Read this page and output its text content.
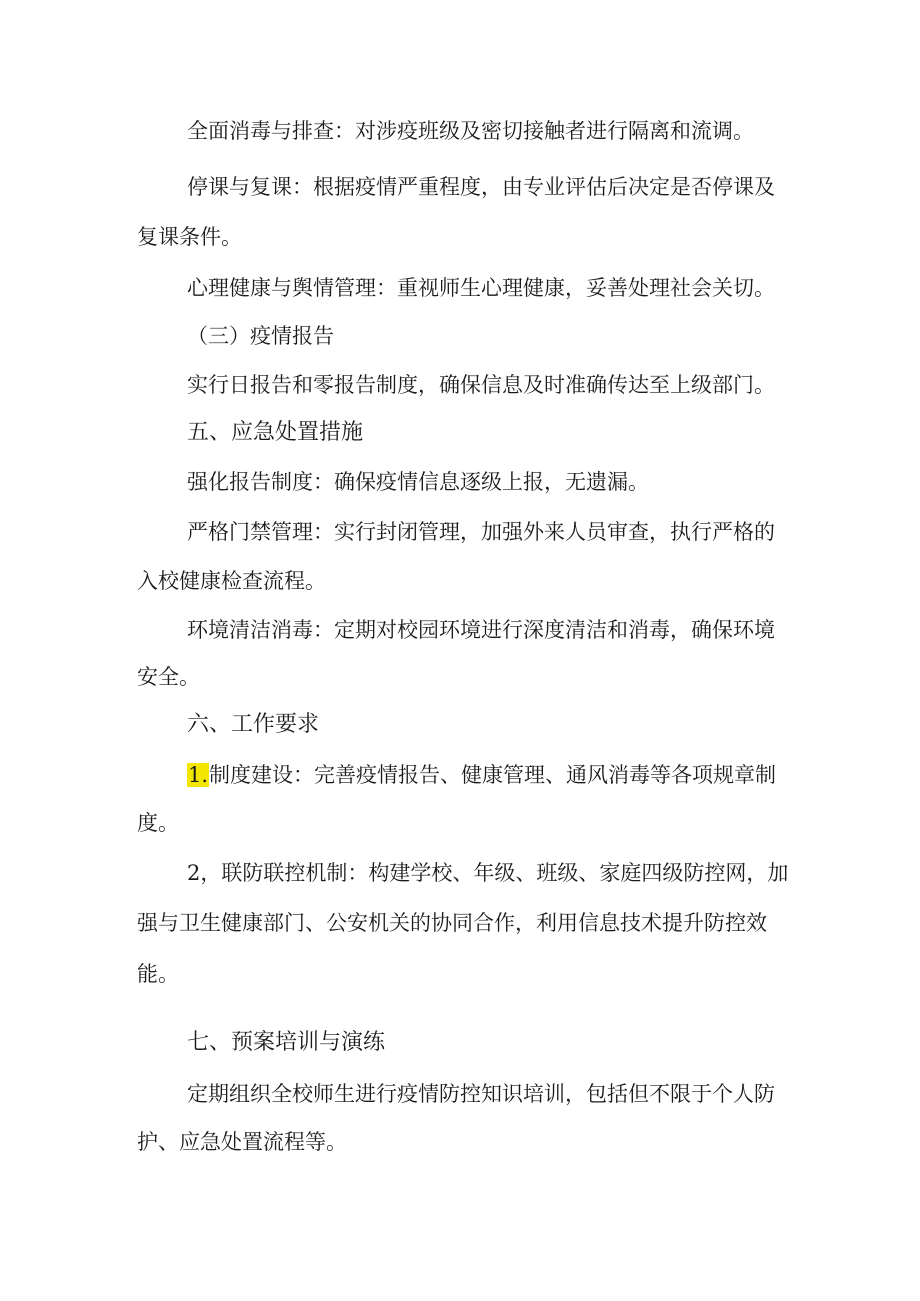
全面消毒与排查：对涉疫班级及密切接触者进行隔离和流调。

停课与复课：根据疫情严重程度，由专业评估后决定是否停课及

复课条件。

心理健康与舆情管理：重视师生心理健康，妥善处理社会关切。

（三）疫情报告

实行日报告和零报告制度，确保信息及时准确传达至上级部门。

五、应急处置措施

强化报告制度：确保疫情信息逐级上报，无遗漏。

严格门禁管理：实行封闭管理，加强外来人员审查，执行严格的

入校健康检查流程。

环境清洁消毒：定期对校园环境进行深度清洁和消毒，确保环境

安全。

六、工作要求

1.制度建设：完善疫情报告、健康管理、通风消毒等各项规章制

度。

2，联防联控机制：构建学校、年级、班级、家庭四级防控网，加

强与卫生健康部门、公安机关的协同合作，利用信息技术提升防控效

能。

七、预案培训与演练

定期组织全校师生进行疫情防控知识培训，包括但不限于个人防

护、应急处置流程等。
